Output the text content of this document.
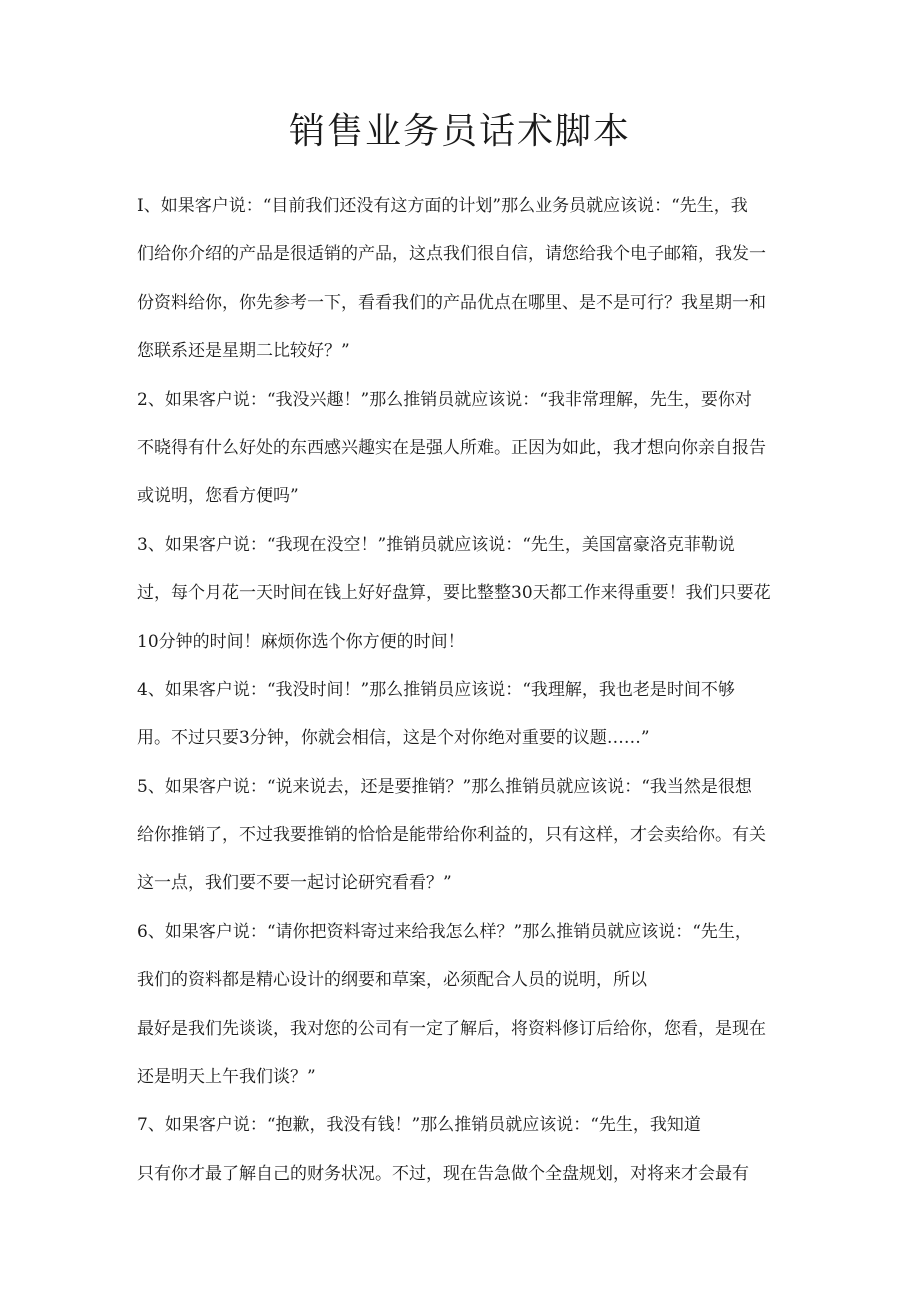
销售业务员话术脚本
I、如果客户说：“目前我们还没有这方面的计划”那么业务员就应该说：“先生，我
们给你介绍的产品是很适销的产品，这点我们很自信，请您给我个电子邮箱，我发一
份资料给你，你先参考一下，看看我们的产品优点在哪里、是不是可行？我星期一和
您联系还是星期二比较好？”
2、如果客户说：“我没兴趣！”那么推销员就应该说：“我非常理解，先生，要你对
不晓得有什么好处的东西感兴趣实在是强人所难。正因为如此，我才想向你亲自报告
或说明，您看方便吗”
3、如果客户说：“我现在没空！”推销员就应该说：“先生，美国富豪洛克菲勒说
过，每个月花一天时间在钱上好好盘算，要比整整30天都工作来得重要！我们只要花
10分钟的时间！麻烦你选个你方便的时间！
4、如果客户说：“我没时间！”那么推销员应该说：“我理解，我也老是时间不够
用。不过只要3分钟，你就会相信，这是个对你绝对重要的议题……”
5、如果客户说：“说来说去，还是要推销？”那么推销员就应该说：“我当然是很想
给你推销了，不过我要推销的恰恰是能带给你利益的，只有这样，才会卖给你。有关
这一点，我们要不要一起讨论研究看看？”
6、如果客户说：“请你把资料寄过来给我怎么样？”那么推销员就应该说：“先生，
我们的资料都是精心设计的纲要和草案，必须配合人员的说明，所以
最好是我们先谈谈，我对您的公司有一定了解后，将资料修订后给你，您看，是现在
还是明天上午我们谈？”
7、如果客户说：“抱歉，我没有钱！”那么推销员就应该说：“先生，我知道
只有你才最了解自己的财务状况。不过，现在告急做个全盘规划，对将来才会最有
